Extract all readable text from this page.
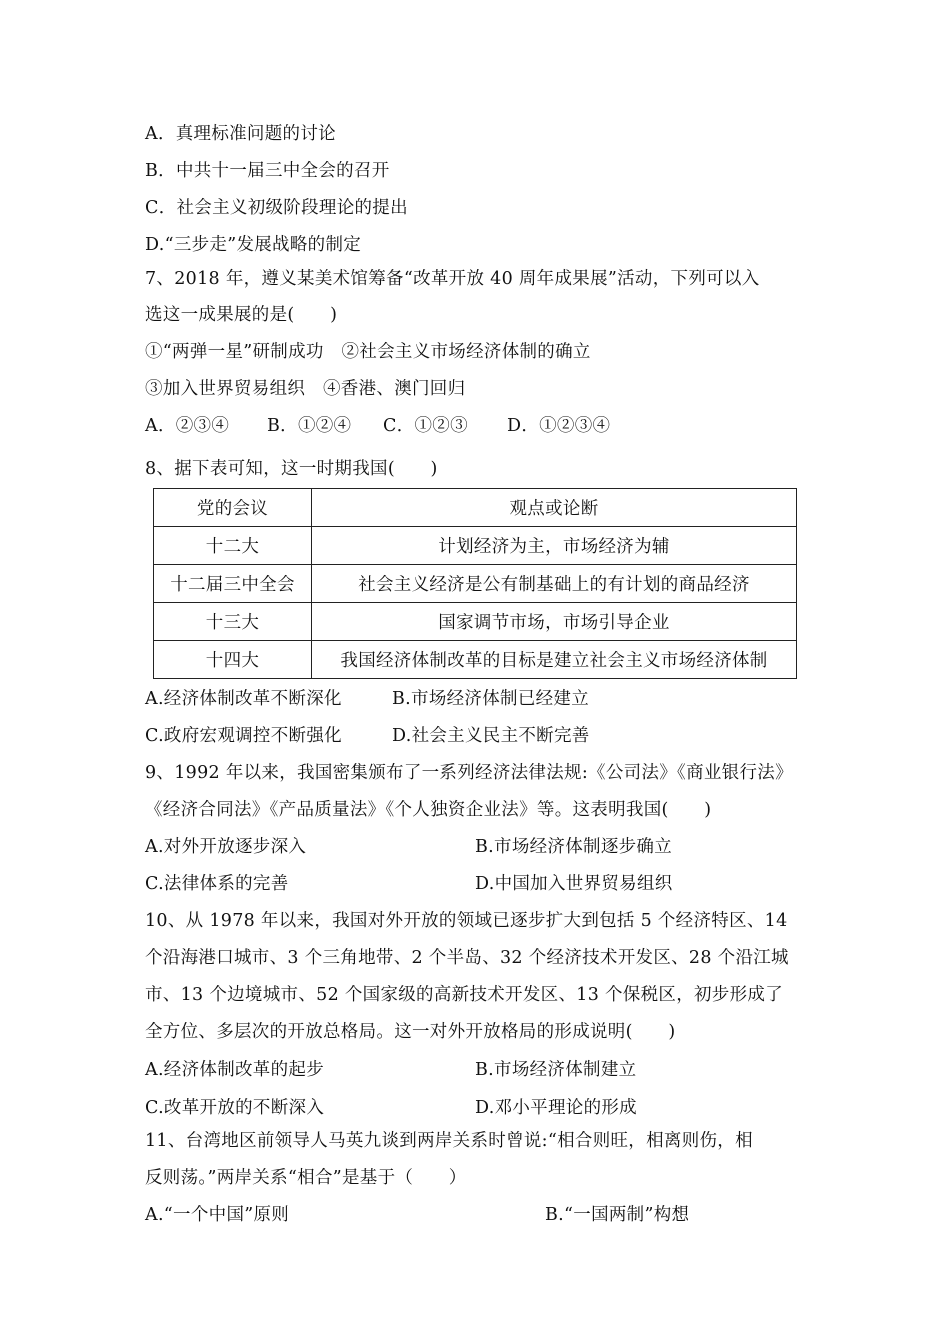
A．真理标准问题的讨论
B．中共十一届三中全会的召开
C．社会主义初级阶段理论的提出
D.“三步走”发展战略的制定
7、2018 年，遵义某美术馆筹备“改革开放 40 周年成果展”活动，下列可以入
选这一成果展的是(　　)
①“两弹一星”研制成功　②社会主义市场经济体制的确立
③加入世界贸易组织　④香港、澳门回归
A．②③④ B．①②④ C．①②③ D．①②③④
8、据下表可知，这一时期我国(　　)
党的会议	观点或论断
十二大	计划经济为主，市场经济为辅
十二届三中全会	社会主义经济是公有制基础上的有计划的商品经济
十三大	国家调节市场，市场引导企业
十四大	我国经济体制改革的目标是建立社会主义市场经济体制
A.经济体制改革不断深化	B.市场经济体制已经建立
C.政府宏观调控不断强化	D.社会主义民主不断完善
9、1992 年以来，我国密集颁布了一系列经济法律法规:《公司法》《商业银行法》
《经济合同法》《产品质量法》《个人独资企业法》等。这表明我国(　　)
A.对外开放逐步深入	B.市场经济体制逐步确立
C.法律体系的完善	D.中国加入世界贸易组织
10、从 1978 年以来，我国对外开放的领域已逐步扩大到包括 5 个经济特区、14
个沿海港口城市、3 个三角地带、2 个半岛、32 个经济技术开发区、28 个沿江城
市、13 个边境城市、52 个国家级的高新技术开发区、13 个保税区，初步形成了
全方位、多层次的开放总格局。这一对外开放格局的形成说明(　　)
A.经济体制改革的起步	B.市场经济体制建立
C.改革开放的不断深入	D.邓小平理论的形成
11、台湾地区前领导人马英九谈到两岸关系时曾说:“相合则旺，相离则伤，相
反则荡。”两岸关系“相合”是基于（　　）
A.“一个中国”原则	B.“一国两制”构想
